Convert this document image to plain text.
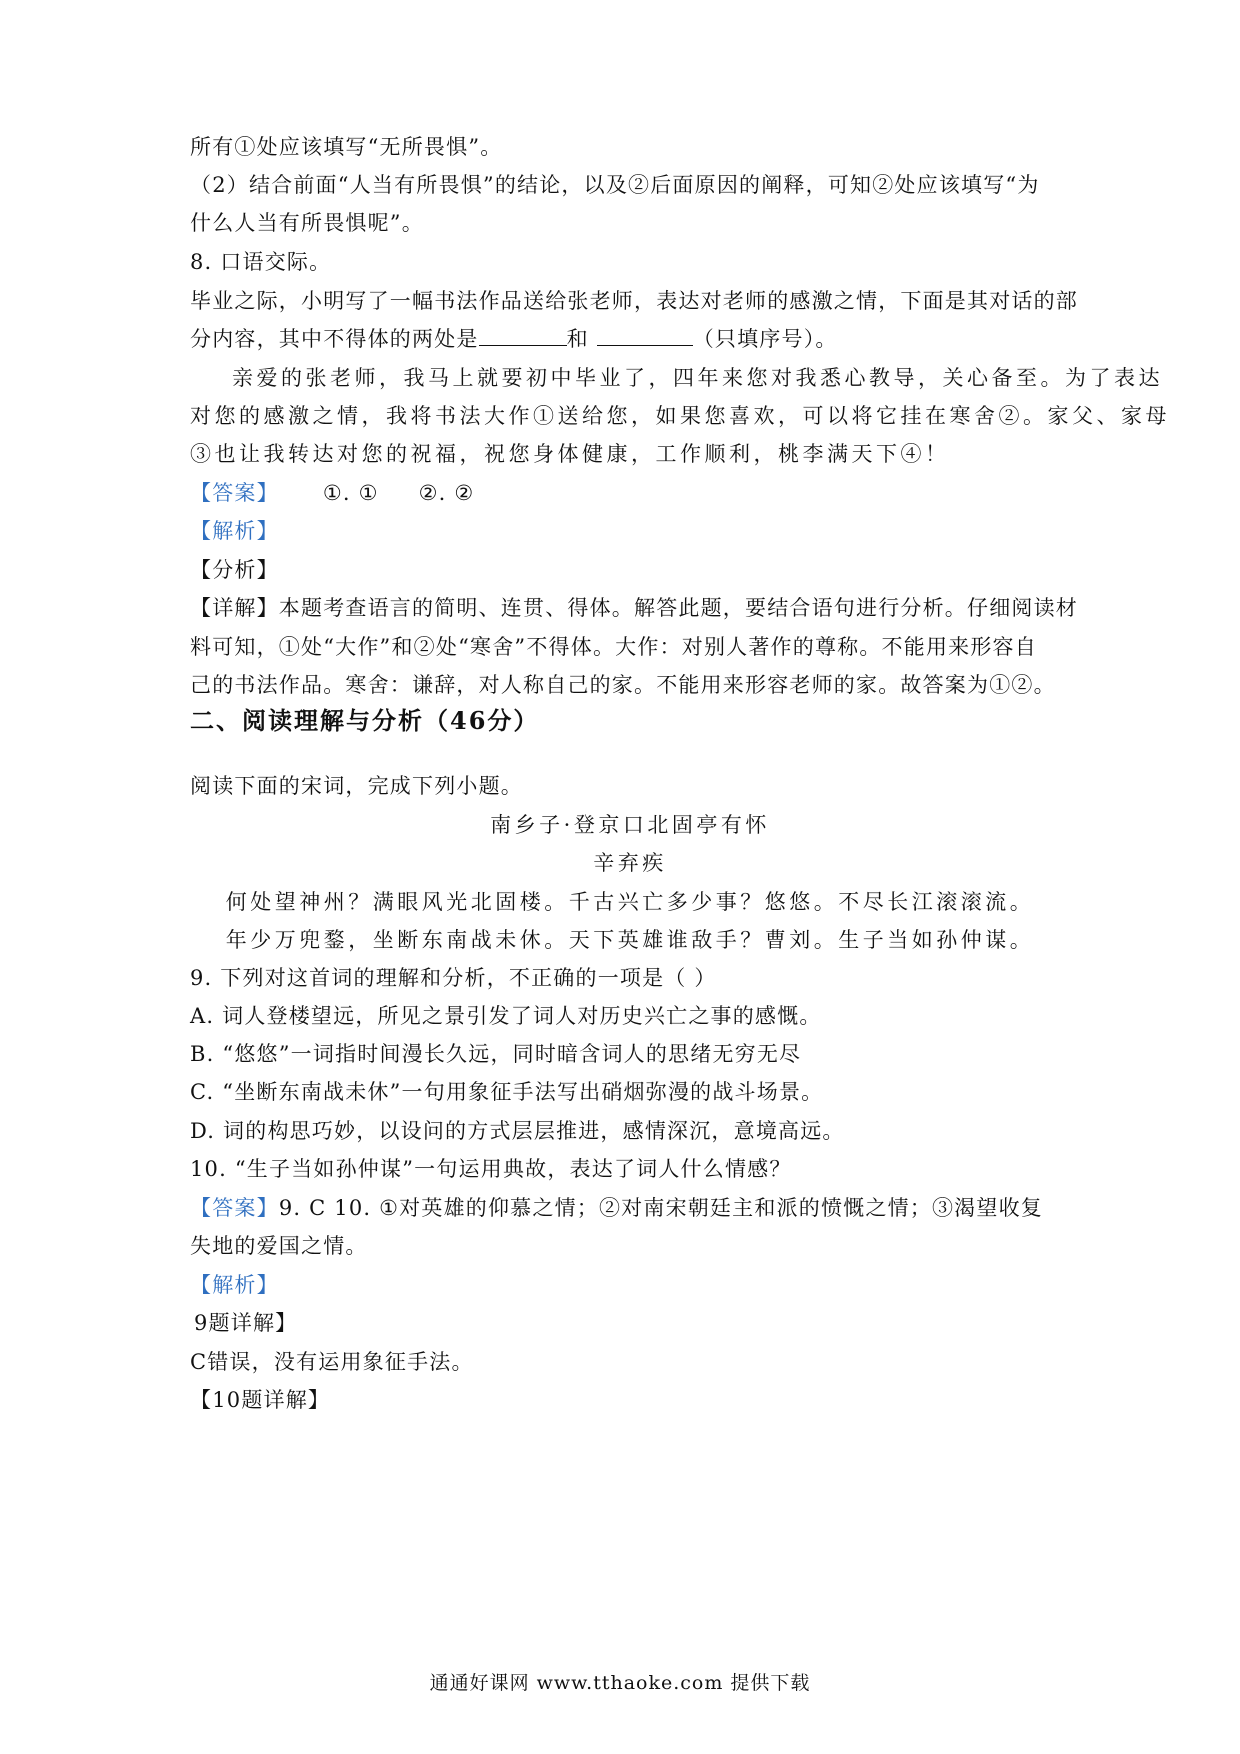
所有①处应该填写“无所畏惧”。
（2）结合前面“人当有所畏惧”的结论，以及②后面原因的阐释，可知②处应该填写“为
什么人当有所畏惧呢”。
8. 口语交际。
毕业之际，小明写了一幅书法作品送给张老师，表达对老师的感激之情，下面是其对话的部
分内容，其中不得体的两处是	和	（只填序号）。
亲爱的张老师，我马上就要初中毕业了，四年来您对我悉心教导，关心备至。为了表达
对您的感激之情，我将书法大作①送给您，如果您喜欢，可以将它挂在寒舍②。家父、家母
③也让我转达对您的祝福，祝您身体健康，工作顺利，桃李满天下④！
【答案】 ①. ① ②. ②
【解析】
【分析】
【详解】本题考查语言的简明、连贯、得体。解答此题，要结合语句进行分析。仔细阅读材
料可知，①处“大作”和②处“寒舍”不得体。大作：对别人著作的尊称。不能用来形容自
己的书法作品。寒舍：谦辞，对人称自己的家。不能用来形容老师的家。故答案为①②。
二、阅读理解与分析（46分）
阅读下面的宋词，完成下列小题。
南乡子·登京口北固亭有怀
辛弃疾
何处望神州？满眼风光北固楼。千古兴亡多少事？悠悠。不尽长江滚滚流。
年少万兜鍪，坐断东南战未休。天下英雄谁敌手？曹刘。生子当如孙仲谋。
9. 下列对这首词的理解和分析，不正确的一项是（ ）
A. 词人登楼望远，所见之景引发了词人对历史兴亡之事的感慨。
B. “悠悠”一词指时间漫长久远，同时暗含词人的思绪无穷无尽
C. “坐断东南战未休”一句用象征手法写出硝烟弥漫的战斗场景。
D. 词的构思巧妙，以设问的方式层层推进，感情深沉，意境高远。
10. “生子当如孙仲谋”一句运用典故，表达了词人什么情感？
【答案】9. C 10. ①对英雄的仰慕之情；②对南宋朝廷主和派的愤慨之情；③渴望收复
失地的爱国之情。
【解析】
9题详解】
C错误，没有运用象征手法。
【10题详解】
通通好课网 www.tthaoke.com 提供下载
